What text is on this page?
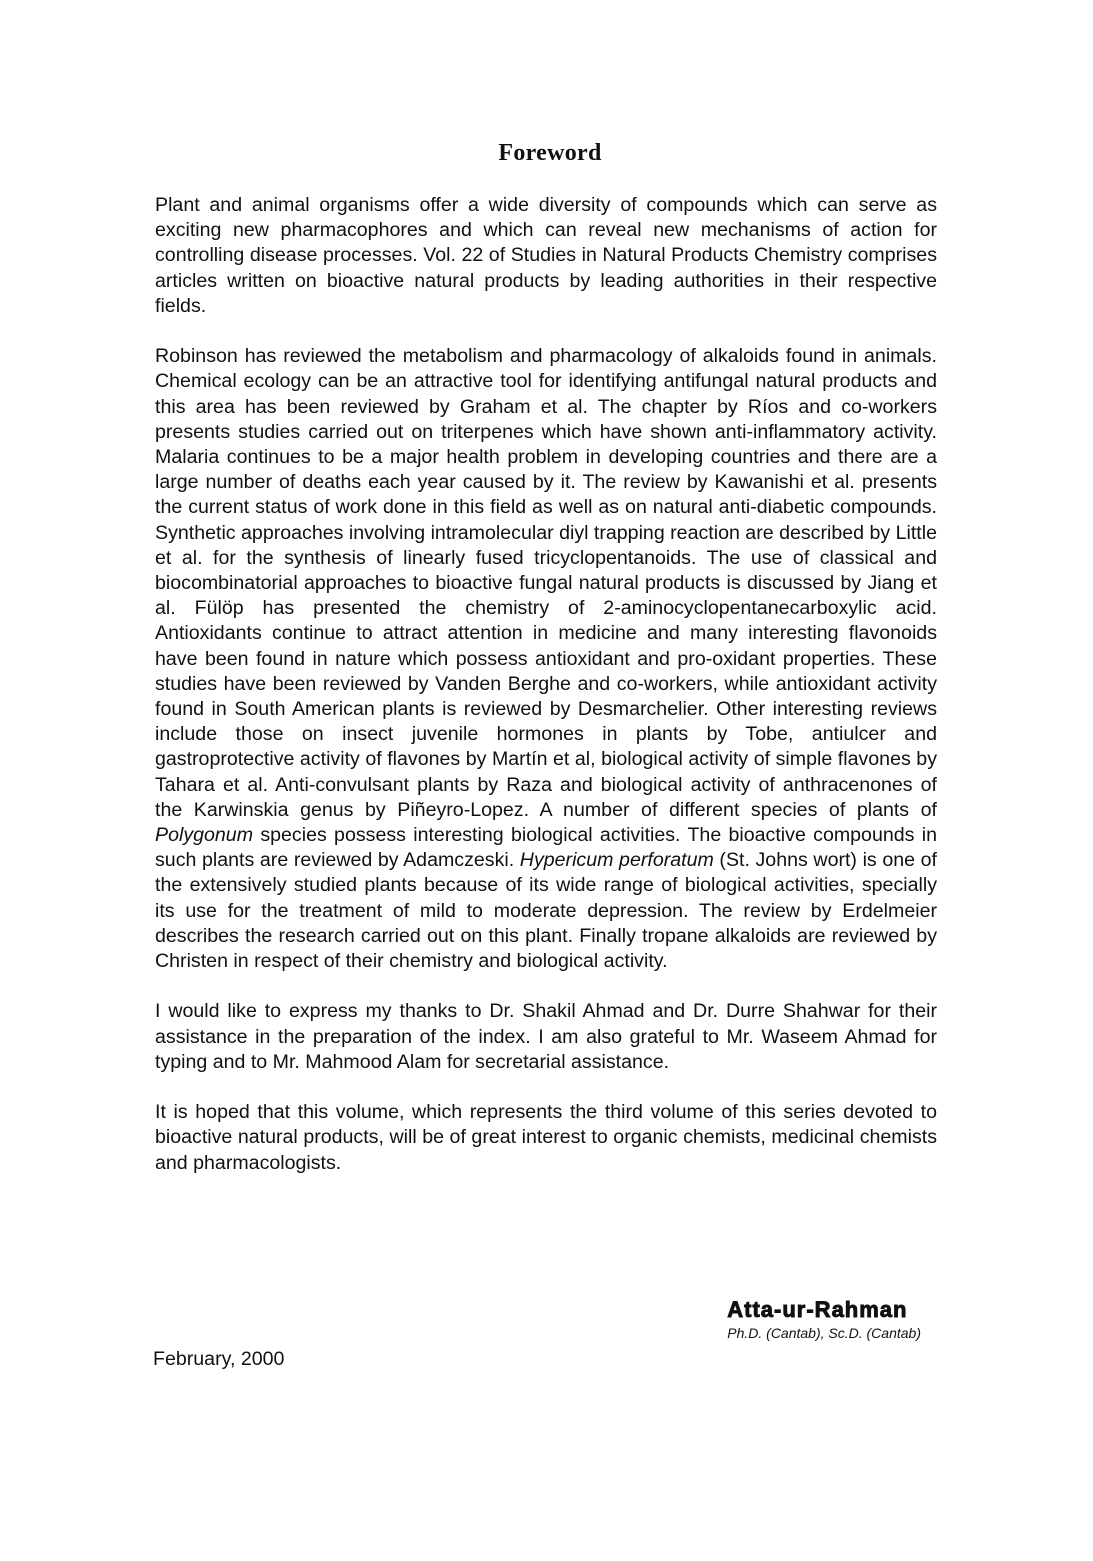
Foreword

Plant and animal organisms offer a wide diversity of compounds which can serve as exciting new pharmacophores and which can reveal new mechanisms of action for controlling disease processes. Vol. 22 of Studies in Natural Products Chemistry comprises articles written on bioactive natural products by leading authorities in their respective fields.

Robinson has reviewed the metabolism and pharmacology of alkaloids found in animals. Chemical ecology can be an attractive tool for identifying antifungal natural products and this area has been reviewed by Graham et al. The chapter by Ríos and co-workers presents studies carried out on triterpenes which have shown anti-inflammatory activity. Malaria continues to be a major health problem in developing countries and there are a large number of deaths each year caused by it. The review by Kawanishi et al. presents the current status of work done in this field as well as on natural anti-diabetic compounds. Synthetic approaches involving intramolecular diyl trapping reaction are described by Little et al. for the synthesis of linearly fused tricyclopentanoids. The use of classical and biocombinatorial approaches to bioactive fungal natural products is discussed by Jiang et al. Fülöp has presented the chemistry of 2-aminocyclopentanecarboxylic acid. Antioxidants continue to attract attention in medicine and many interesting flavonoids have been found in nature which possess antioxidant and pro-oxidant properties. These studies have been reviewed by Vanden Berghe and co-workers, while antioxidant activity found in South American plants is reviewed by Desmarchelier. Other interesting reviews include those on insect juvenile hormones in plants by Tobe, antiulcer and gastroprotective activity of flavones by Martín et al, biological activity of simple flavones by Tahara et al. Anti-convulsant plants by Raza and biological activity of anthracenones of the Karwinskia genus by Piñeyro-Lopez. A number of different species of plants of Polygonum species possess interesting biological activities. The bioactive compounds in such plants are reviewed by Adamczeski. Hypericum perforatum (St. Johns wort) is one of the extensively studied plants because of its wide range of biological activities, specially its use for the treatment of mild to moderate depression. The review by Erdelmeier describes the research carried out on this plant. Finally tropane alkaloids are reviewed by Christen in respect of their chemistry and biological activity.

I would like to express my thanks to Dr. Shakil Ahmad and Dr. Durre Shahwar for their assistance in the preparation of the index. I am also grateful to Mr. Waseem Ahmad for typing and to Mr. Mahmood Alam for secretarial assistance.

It is hoped that this volume, which represents the third volume of this series devoted to bioactive natural products, will be of great interest to organic chemists, medicinal chemists and pharmacologists.

Atta-ur-Rahman
Ph.D. (Cantab), Sc.D. (Cantab)
February, 2000
